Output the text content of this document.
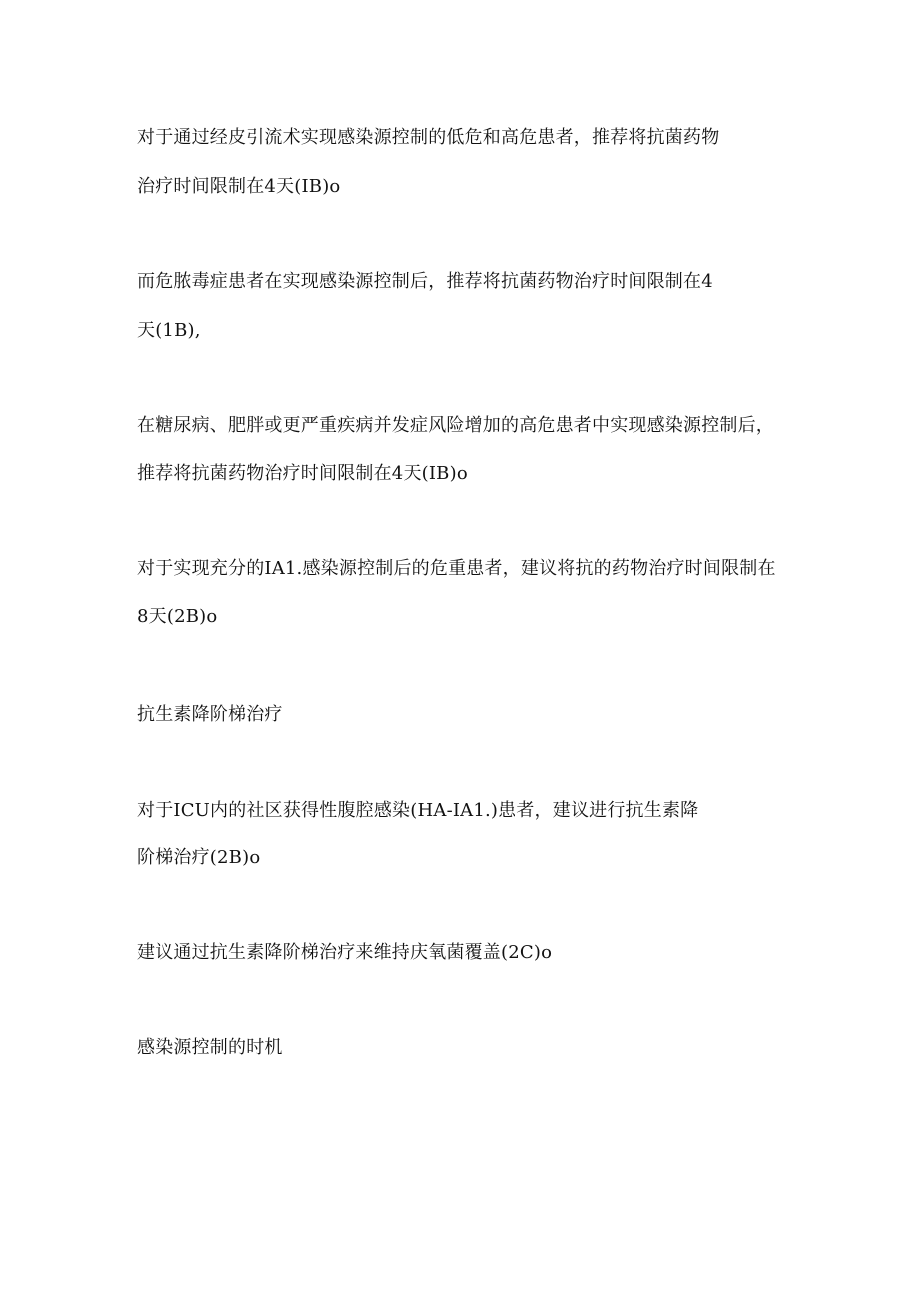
对于通过经皮引流术实现感染源控制的低危和高危患者，推荐将抗菌药物
治疗时间限制在4天(IB)o
而危脓毒症患者在实现感染源控制后，推荐将抗菌药物治疗时间限制在4
天(1B),
在糖尿病、肥胖或更严重疾病并发症风险增加的高危患者中实现感染源控制后，
推荐将抗菌药物治疗时间限制在4天(IB)o
对于实现充分的IA1.感染源控制后的危重患者，建议将抗的药物治疗时间限制在
8天(2B)o
抗生素降阶梯治疗
对于ICU内的社区获得性腹腔感染(HA-IA1.)患者，建议进行抗生素降
阶梯治疗(2B)o
建议通过抗生素降阶梯治疗来维持庆氧菌覆盖(2C)o
感染源控制的时机
